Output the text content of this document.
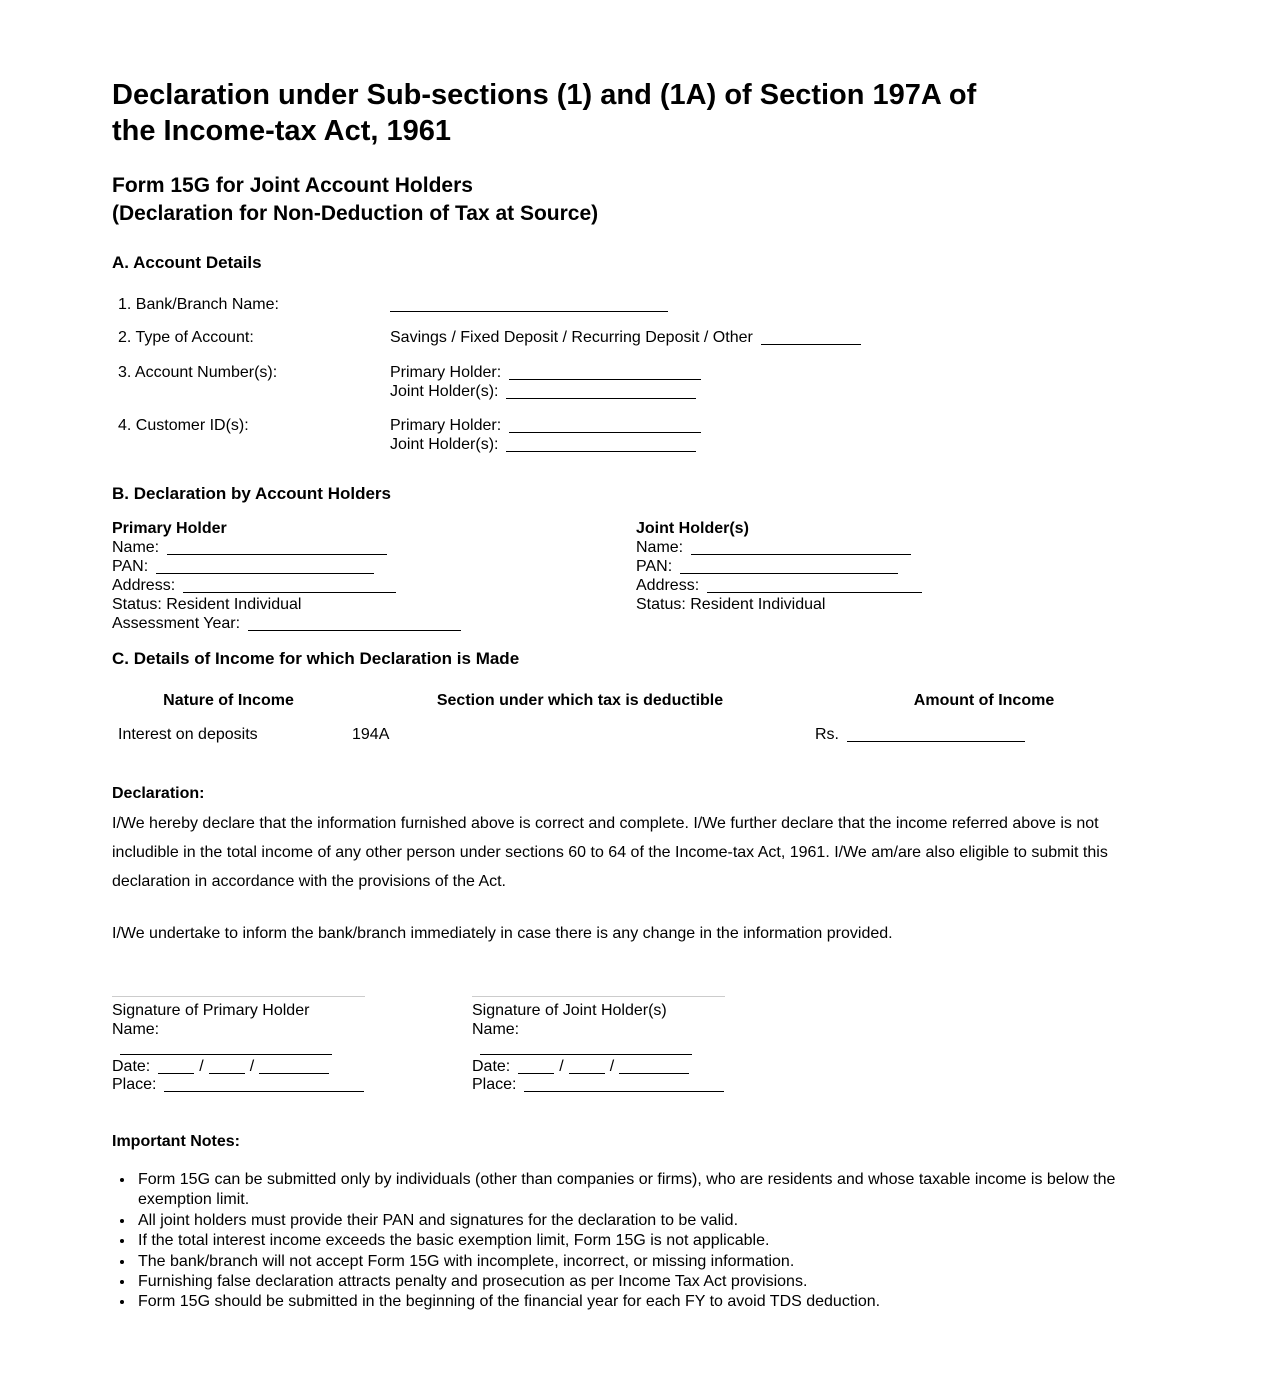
Declaration under Sub-sections (1) and (1A) of Section 197A of
the Income-tax Act, 1961
Form 15G for Joint Account Holders
(Declaration for Non-Deduction of Tax at Source)
A. Account Details
1. Bank/Branch Name:
2. Type of Account:	Savings / Fixed Deposit / Recurring Deposit / Other
3. Account Number(s):	Primary Holder:
Joint Holder(s):
4. Customer ID(s):	Primary Holder:
Joint Holder(s):
B. Declaration by Account Holders
Primary Holder
Name:
PAN:
Address:
Status: Resident Individual
Assessment Year:
Joint Holder(s)
Name:
PAN:
Address:
Status: Resident Individual
C. Details of Income for which Declaration is Made
Nature of Income	Section under which tax is deductible	Amount of Income
Interest on deposits	194A	Rs.
Declaration:

I/We hereby declare that the information furnished above is correct and complete. I/We further declare that the income referred above is not includible in the total income of any other person under sections 60 to 64 of the Income-tax Act, 1961. I/We am/are also eligible to submit this declaration in accordance with the provisions of the Act.

I/We undertake to inform the bank/branch immediately in case there is any change in the information provided.

Signature of Primary Holder
Name:
Date:	/	/
Place:
Signature of Joint Holder(s)
Name:
Date:	/	/
Place:
Important Notes:
• Form 15G can be submitted only by individuals (other than companies or firms), who are residents and whose taxable income is below the exemption limit.
• All joint holders must provide their PAN and signatures for the declaration to be valid.
• If the total interest income exceeds the basic exemption limit, Form 15G is not applicable.
• The bank/branch will not accept Form 15G with incomplete, incorrect, or missing information.
• Furnishing false declaration attracts penalty and prosecution as per Income Tax Act provisions.
• Form 15G should be submitted in the beginning of the financial year for each FY to avoid TDS deduction.
